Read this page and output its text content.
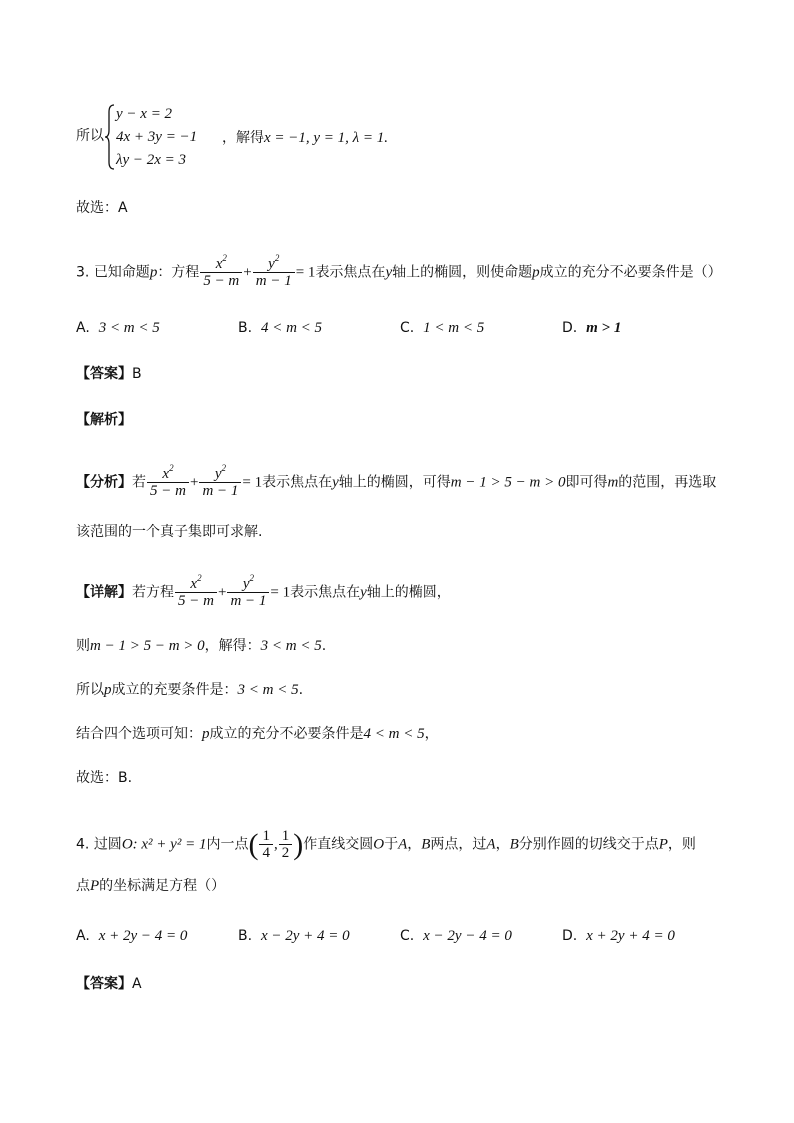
所以
y − x = 2
4x + 3y = −1
λy − 2x = 3
，解得x = −1, y = 1, λ = 1.
故选：A
3. 已知命题p：方程 $\frac{x^2}{5 - m} + \frac{y^2}{m - 1} = 1$表示焦点在y轴上的椭圆，则使命题p成立的充分不必要条件是（）
A. 3 < m < 5	B. 4 < m < 5	C. 1 < m < 5	D. m > 1
【答案】B
【解析】
【分析】若 $\frac{x^2}{5 - m} + \frac{y^2}{m - 1} = 1$表示焦点在y轴上的椭圆，可得m − 1 > 5 − m > 0即可得m的范围，再选取
该范围的一个真子集即可求解.
【详解】若方程 $\frac{x^2}{5 - m} + \frac{y^2}{m - 1} = 1$表示焦点在y轴上的椭圆，
则m − 1 > 5 − m > 0，解得：3 < m < 5.
所以p成立的充要条件是：3 < m < 5.
结合四个选项可知：p成立的充分不必要条件是4 < m < 5，
故选：B.
4. 过圆O: x² + y² = 1内一点( $\frac{1}{4}$ , $\frac{1}{2}$ )作直线交圆O于A，B两点，过A，B分别作圆的切线交于点P，则
点P的坐标满足方程（）
A. x + 2y − 4 = 0	B. x − 2y + 4 = 0	C. x − 2y − 4 = 0	D. x + 2y + 4 = 0
【答案】A
